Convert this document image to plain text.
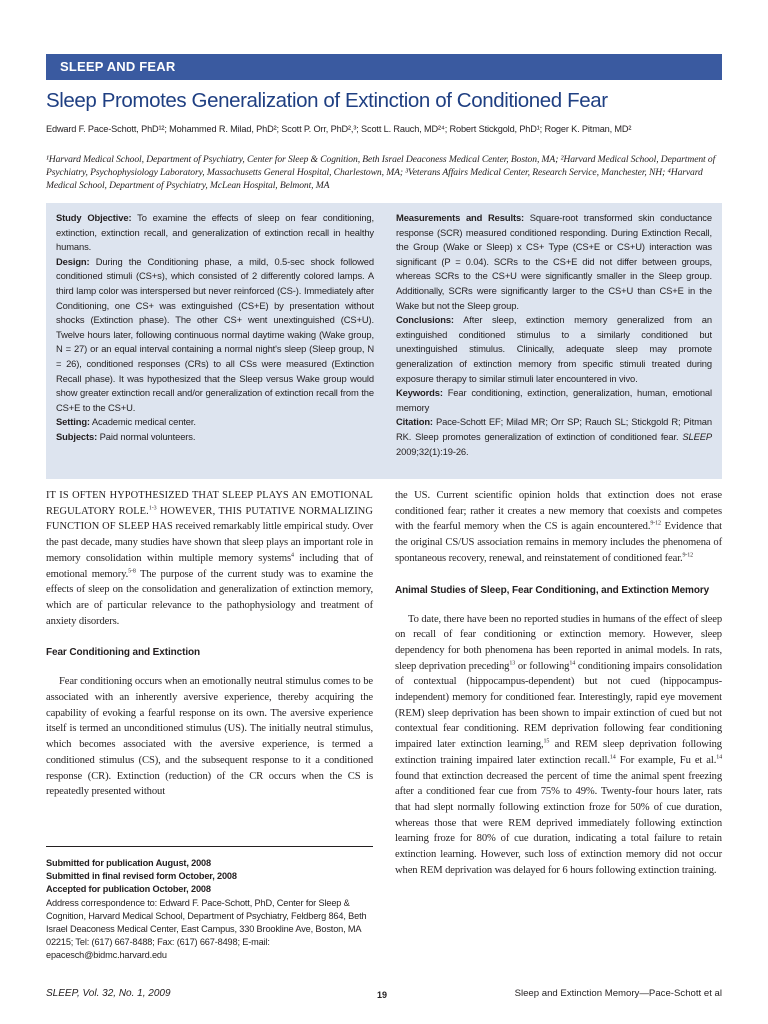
SLEEP AND FEAR
Sleep Promotes Generalization of Extinction of Conditioned Fear
Edward F. Pace-Schott, PhD¹²; Mohammed R. Milad, PhD²; Scott P. Orr, PhD²,³; Scott L. Rauch, MD²⁴; Robert Stickgold, PhD¹; Roger K. Pitman, MD²
¹Harvard Medical School, Department of Psychiatry, Center for Sleep & Cognition, Beth Israel Deaconess Medical Center, Boston, MA; ²Harvard Medical School, Department of Psychiatry, Psychophysiology Laboratory, Massachusetts General Hospital, Charlestown, MA; ³Veterans Affairs Medical Center, Research Service, Manchester, NH; ⁴Harvard Medical School, Department of Psychiatry, McLean Hospital, Belmont, MA

Study Objective: To examine the effects of sleep on fear conditioning, extinction, extinction recall, and generalization of extinction recall in healthy humans.

Design: During the Conditioning phase, a mild, 0.5-sec shock followed conditioned stimuli (CS+s), which consisted of 2 differently colored lamps. A third lamp color was interspersed but never reinforced (CS-). Immediately after Conditioning, one CS+ was extinguished (CS+E) by presentation without shocks (Extinction phase). The other CS+ went unextinguished (CS+U). Twelve hours later, following continuous normal daytime waking (Wake group, N = 27) or an equal interval containing a normal night's sleep (Sleep group, N = 26), conditioned responses (CRs) to all CSs were measured (Extinction Recall phase). It was hypothesized that the Sleep versus Wake group would show greater extinction recall and/or generalization of extinction recall from the CS+E to the CS+U.

Setting: Academic medical center.

Subjects: Paid normal volunteers.

Measurements and Results: Square-root transformed skin conductance response (SCR) measured conditioned responding. During Extinction Recall, the Group (Wake or Sleep) x CS+ Type (CS+E or CS+U) interaction was significant (P = 0.04). SCRs to the CS+E did not differ between groups, whereas SCRs to the CS+U were significantly smaller in the Sleep group. Additionally, SCRs were significantly larger to the CS+U than CS+E in the Wake but not the Sleep group.

Conclusions: After sleep, extinction memory generalized from an extinguished conditioned stimulus to a similarly conditioned but unextinguished stimulus. Clinically, adequate sleep may promote generalization of extinction memory from specific stimuli treated during exposure therapy to similar stimuli later encountered in vivo.

Keywords: Fear conditioning, extinction, generalization, human, emotional memory

Citation: Pace-Schott EF; Milad MR; Orr SP; Rauch SL; Stickgold R; Pitman RK. Sleep promotes generalization of extinction of conditioned fear. SLEEP 2009;32(1):19-26.

IT IS OFTEN HYPOTHESIZED THAT SLEEP PLAYS AN EMOTIONAL REGULATORY ROLE.$^{1-3}$ HOWEVER, THIS PUTATIVE NORMALIZING FUNCTION OF SLEEP HAS received remarkably little empirical study. Over the past decade, many studies have shown that sleep plays an important role in memory consolidation within multiple memory systems$^4$ including that of emotional memory.$^{5-8}$ The purpose of the current study was to examine the effects of sleep on the consolidation and generalization of extinction memory, which are of particular relevance to the pathophysiology and treatment of anxiety disorders.

Fear Conditioning and Extinction

Fear conditioning occurs when an emotionally neutral stimulus comes to be associated with an inherently aversive experience, thereby acquiring the capability of evoking a fearful response on its own. The aversive experience itself is termed an unconditioned stimulus (US). The initially neutral stimulus, which becomes associated with the aversive experience, is termed a conditioned stimulus (CS), and the subsequent response to it a conditioned response (CR). Extinction (reduction) of the CR occurs when the CS is repeatedly presented without

the US. Current scientific opinion holds that extinction does not erase conditioned fear; rather it creates a new memory that coexists and competes with the fearful memory when the CS is again encountered.$^{9-12}$ Evidence that the original CS/US association remains in memory includes the phenomena of spontaneous recovery, renewal, and reinstatement of conditioned fear.$^{9-12}$

Animal Studies of Sleep, Fear Conditioning, and Extinction Memory

To date, there have been no reported studies in humans of the effect of sleep on recall of fear conditioning or extinction memory. However, sleep dependency for both phenomena has been reported in animal models. In rats, sleep deprivation preceding$^{13}$ or following$^{14}$ conditioning impairs consolidation of contextual (hippocampus-dependent) but not cued (hippocampus-independent) memory for conditioned fear. Interestingly, rapid eye movement (REM) sleep deprivation has been shown to impair extinction of cued but not contextual fear conditioning. REM deprivation following fear conditioning impaired later extinction learning,$^{15}$ and REM sleep deprivation following extinction training impaired later extinction recall.$^{14}$ For example, Fu et al.$^{14}$ found that extinction decreased the percent of time the animal spent freezing after a conditioned fear cue from 75% to 49%. Twenty-four hours later, rats that had slept normally following extinction froze for 50% of cue duration, whereas those that were REM deprived immediately following extinction learning froze for 80% of cue duration, indicating a total failure to retain extinction learning. However, such loss of extinction memory did not occur when REM deprivation was delayed for 6 hours following extinction training.

Submitted for publication August, 2008

Submitted in final revised form October, 2008

Accepted for publication October, 2008

Address correspondence to: Edward F. Pace-Schott, PhD, Center for Sleep & Cognition, Harvard Medical School, Department of Psychiatry, Feldberg 864, Beth Israel Deaconess Medical Center, East Campus, 330 Brookline Ave, Boston, MA 02215; Tel: (617) 667-8488; Fax: (617) 667-8498; E-mail: epacesch@bidmc.harvard.edu

SLEEP, Vol. 32, No. 1, 2009	19	Sleep and Extinction Memory—Pace-Schott et al
